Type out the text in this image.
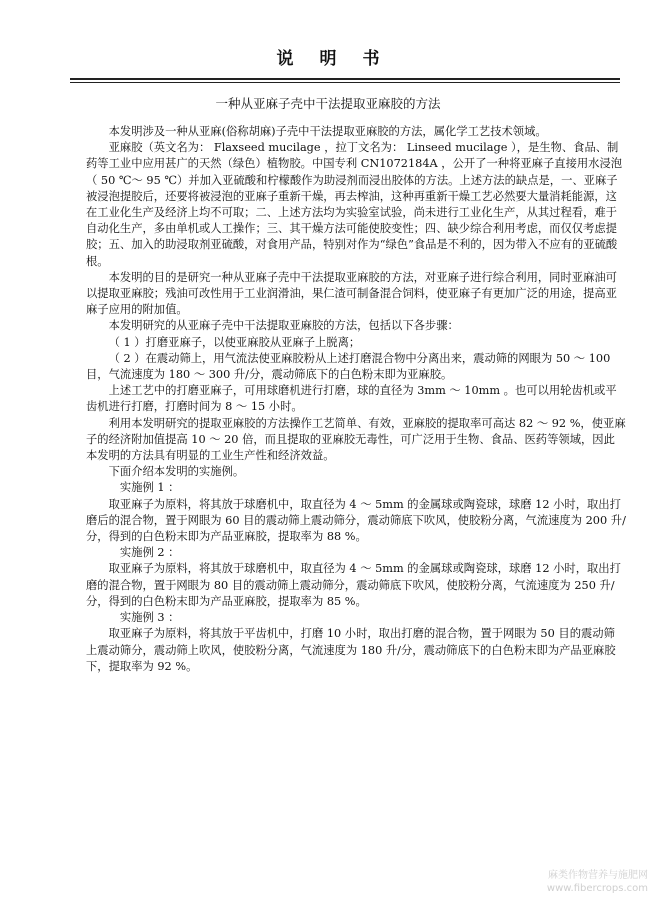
说明书
一种从亚麻子壳中干法提取亚麻胶的方法

本发明涉及一种从亚麻(俗称胡麻)子壳中干法提取亚麻胶的方法，属化学工艺技术领域。

亚麻胶（英文名为： Flaxseed mucilage ，拉丁文名为： Linseed mucilage ），是生物、食品、制药等工业中应用甚广的天然（绿色）植物胶。中国专利 CN1072184A ，公开了一种将亚麻子直接用水浸泡（ 50 ℃～ 95 ℃）并加入亚硫酸和柠檬酸作为助浸剂而浸出胶体的方法。上述方法的缺点是，一、亚麻子被浸泡提胶后，还要将被浸泡的亚麻子重新干燥，再去榨油，这种再重新干燥工艺必然要大量消耗能源，这在工业化生产及经济上均不可取；二、上述方法均为实验室试验，尚未进行工业化生产，从其过程看，难于自动化生产，多由单机或人工操作；三、其干燥方法可能使胶变性；四、缺少综合利用考虑，而仅仅考虑提胶；五、加入的助浸取剂亚硫酸，对食用产品，特别对作为“绿色”食品是不利的，因为带入不应有的亚硫酸根。

本发明的目的是研究一种从亚麻子壳中干法提取亚麻胶的方法，对亚麻子进行综合利用，同时亚麻油可以提取亚麻胶；残油可改性用于工业润滑油，果仁渣可制备混合饲料，使亚麻子有更加广泛的用途，提高亚麻子应用的附加值。

本发明研究的从亚麻子壳中干法提取亚麻胶的方法，包括以下各步骤：

（ 1 ）打磨亚麻子，以使亚麻胶从亚麻子上脱离；

（ 2 ）在震动筛上，用气流法使亚麻胶粉从上述打磨混合物中分离出来，震动筛的网眼为 50 ～ 100 目，气流速度为 180 ～ 300 升/分，震动筛底下的白色粉末即为亚麻胶。

上述工艺中的打磨亚麻子，可用球磨机进行打磨，球的直径为 3mm ～ 10mm 。也可以用轮齿机或平齿机进行打磨，打磨时间为 8 ～ 15 小时。

利用本发明研究的提取亚麻胶的方法操作工艺简单、有效，亚麻胶的提取率可高达 82 ～ 92 %，使亚麻子的经济附加值提高 10 ～ 20 倍，而且提取的亚麻胶无毒性，可广泛用于生物、食品、医药等领域，因此本发明的方法具有明显的工业生产性和经济效益。

下面介绍本发明的实施例。

实施例 1 ：

取亚麻子为原料，将其放于球磨机中，取直径为 4 ～ 5mm 的金属球或陶瓷球，球磨 12 小时，取出打磨后的混合物，置于网眼为 60 目的震动筛上震动筛分，震动筛底下吹风，使胶粉分离，气流速度为 200 升/分，得到的白色粉末即为产品亚麻胶，提取率为 88 %。

实施例 2 ：

取亚麻子为原料，将其放于球磨机中，取直径为 4 ～ 5mm 的金属球或陶瓷球，球磨 12 小时，取出打磨的混合物，置于网眼为 80 目的震动筛上震动筛分，震动筛底下吹风，使胶粉分离，气流速度为 250 升/分，得到的白色粉末即为产品亚麻胶，提取率为 85 %。

实施例 3 ：

取亚麻子为原料，将其放于平齿机中，打磨 10 小时，取出打磨的混合物，置于网眼为 50 目的震动筛上震动筛分，震动筛上吹风，使胶粉分离，气流速度为 180 升/分，震动筛底下的白色粉末即为产品亚麻胶下，提取率为 92 %。

麻类作物营养与施肥网
www.fibercrops.com
